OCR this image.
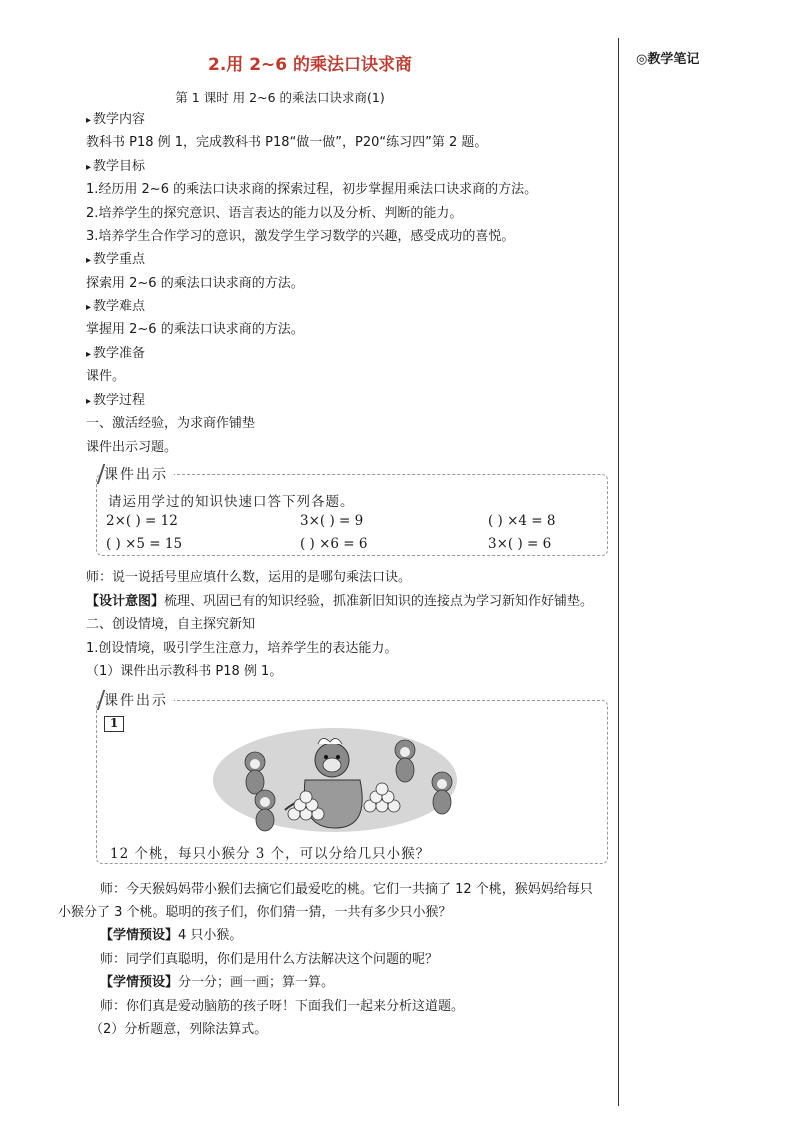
2.用 2~6 的乘法口诀求商
第 1 课时 用 2~6 的乘法口诀求商(1)
◎教学笔记
▸ 教学内容
教科书 P18 例 1，完成教科书 P18“做一做”，P20“练习四”第 2 题。
▸ 教学目标
1.经历用 2~6 的乘法口诀求商的探索过程，初步掌握用乘法口诀求商的方法。
2.培养学生的探究意识、语言表达的能力以及分析、判断的能力。
3.培养学生合作学习的意识，激发学生学习数学的兴趣，感受成功的喜悦。
▸ 教学重点
探索用 2~6 的乘法口诀求商的方法。
▸ 教学难点
掌握用 2~6 的乘法口诀求商的方法。
▸ 教学准备
课件。
▸ 教学过程
一、激活经验，为求商作铺垫
课件出示习题。
课件出示
请运用学过的知识快速口答下列各题。
2×( ) = 12	3×( ) = 9	( ) ×4 = 8
( ) ×5 = 15	( ) ×6 = 6	3×( ) = 6
师：说一说括号里应填什么数，运用的是哪句乘法口诀。
【设计意图】梳理、巩固已有的知识经验，抓准新旧知识的连接点为学习新知作好铺垫。
二、创设情境，自主探究新知
1.创设情境，吸引学生注意力，培养学生的表达能力。
（1）课件出示教科书 P18 例 1。
课件出示
1
12 个桃，每只小猴分 3 个，可以分给几只小猴？
师：今天猴妈妈带小猴们去摘它们最爱吃的桃。它们一共摘了 12 个桃，猴妈妈给每只
小猴分了 3 个桃。聪明的孩子们，你们猜一猜，一共有多少只小猴？
【学情预设】4 只小猴。
师：同学们真聪明，你们是用什么方法解决这个问题的呢？
【学情预设】分一分；画一画；算一算。
师：你们真是爱动脑筋的孩子呀！下面我们一起来分析这道题。
（2）分析题意，列除法算式。
